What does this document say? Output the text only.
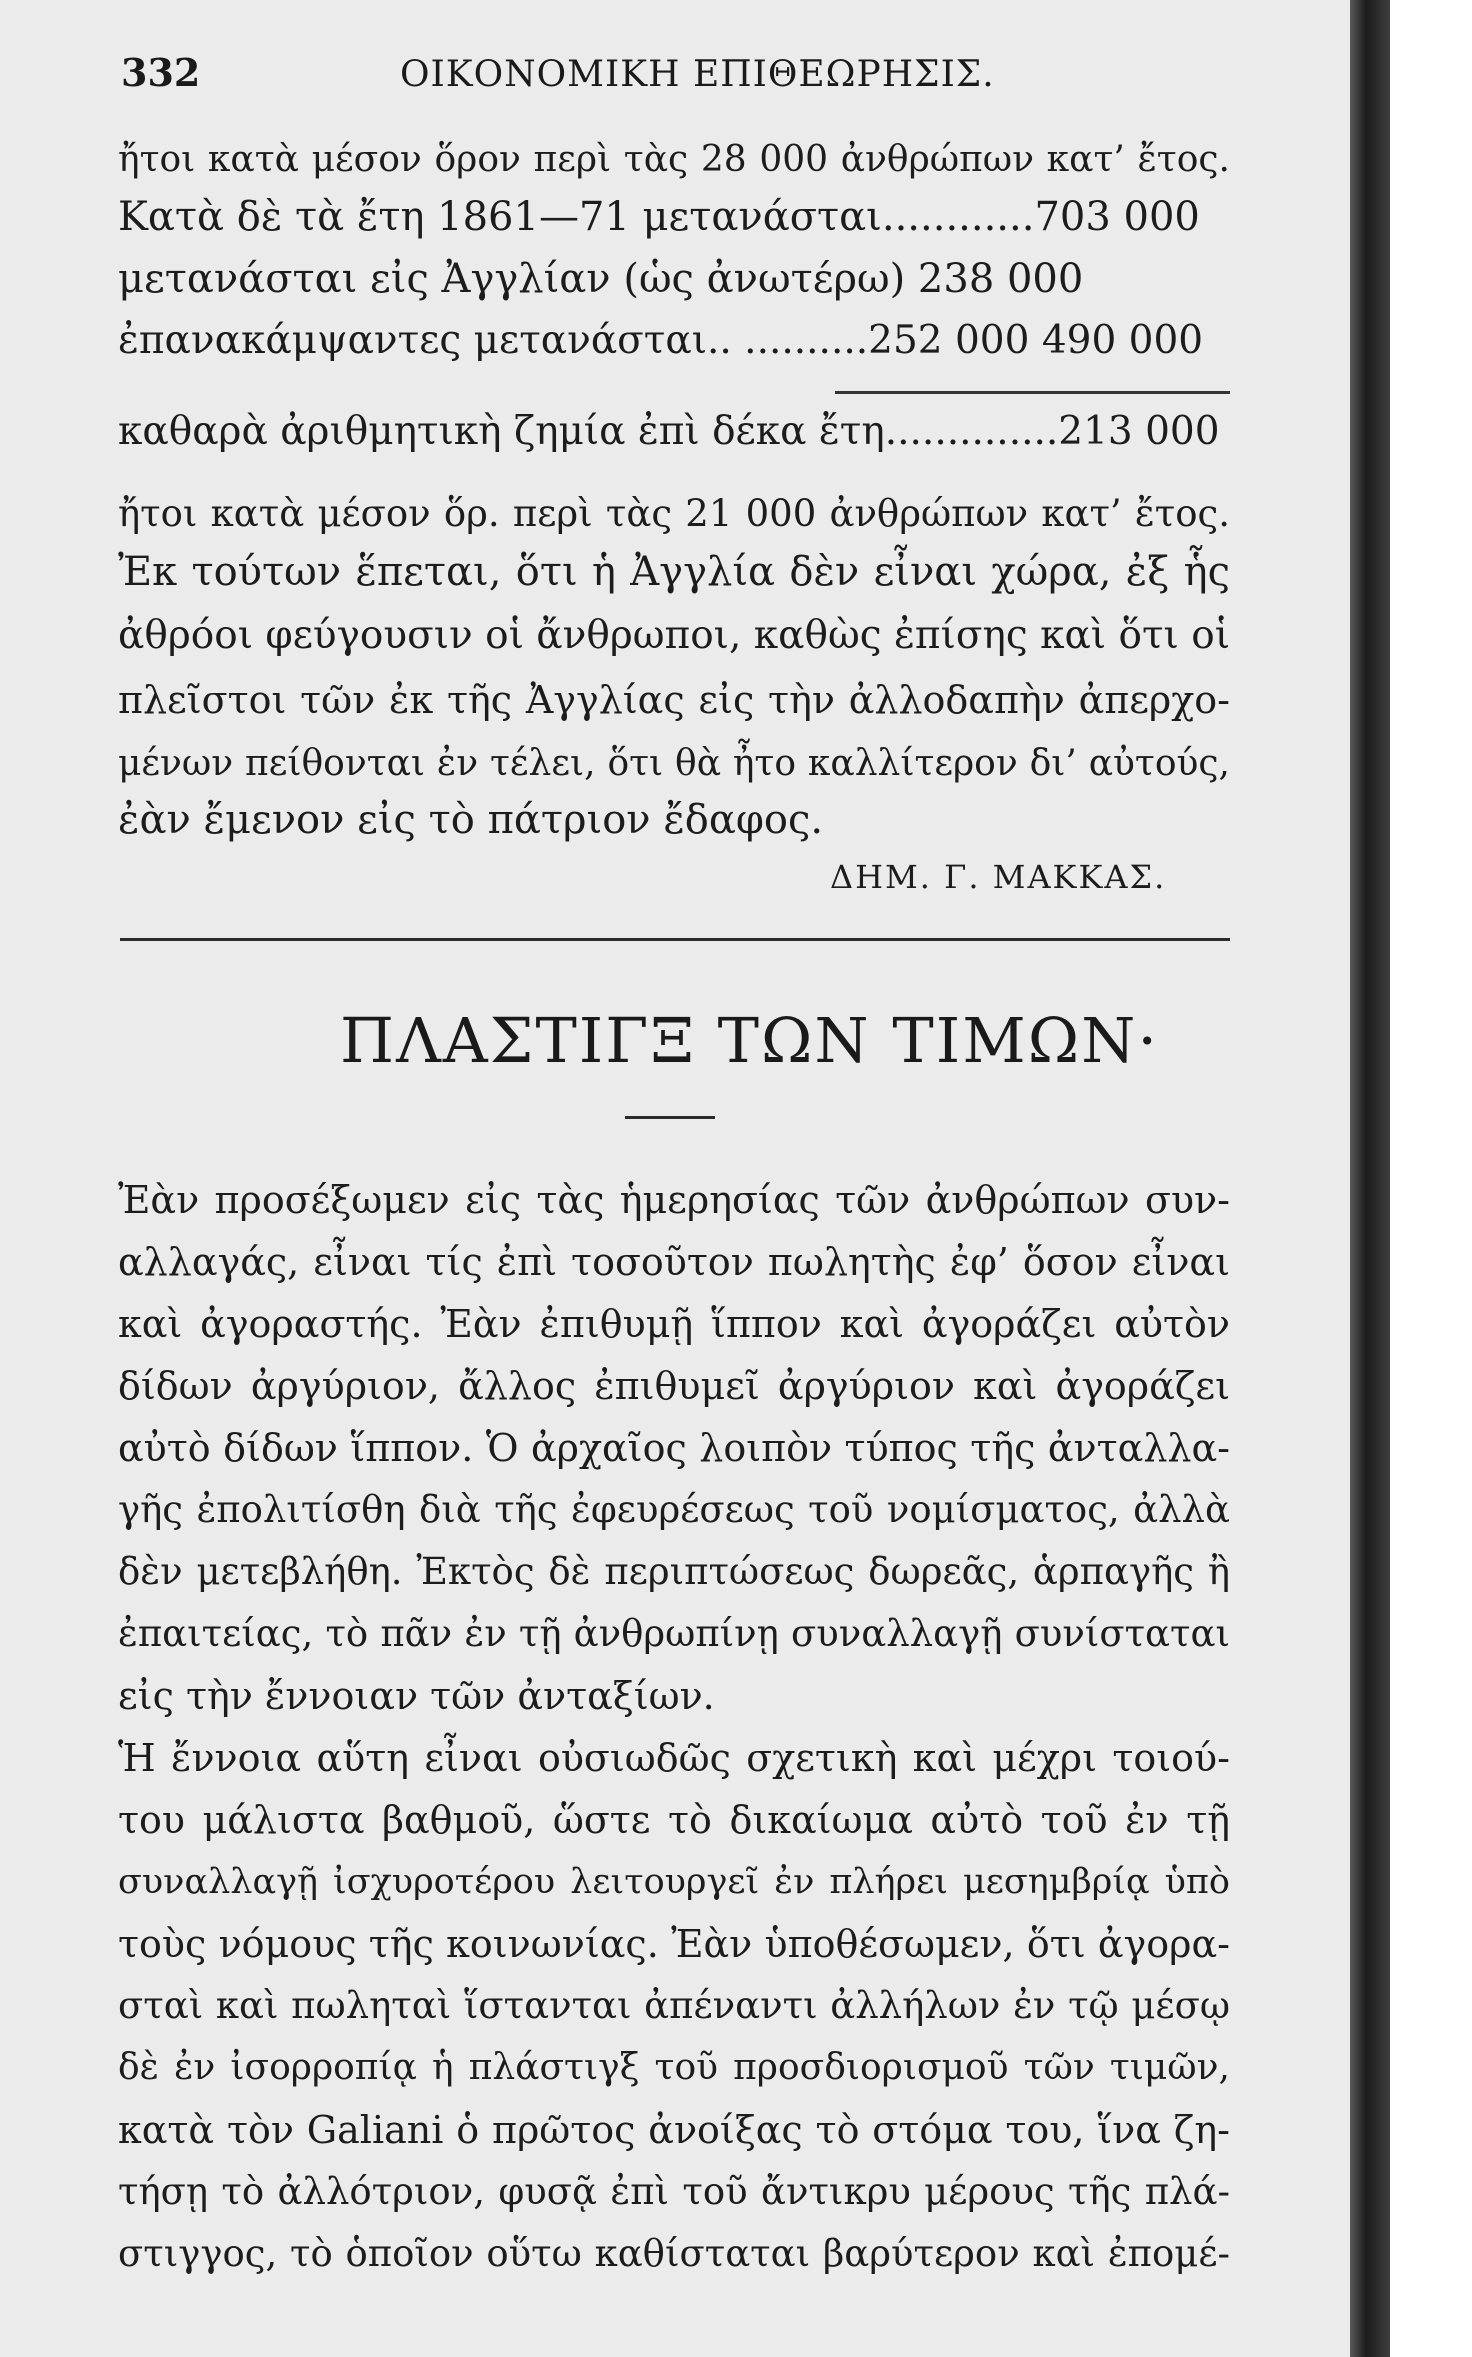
332	ΟΙΚΟΝΟΜΙΚΗ ΕΠΙΘΕΩΡΗΣΙΣ.
ἤτοι κατὰ μέσον ὅρον περὶ τὰς 28 000 ἀνθρώπων κατ’ ἔτος.
Κατὰ δὲ τὰ ἔτη 1861—71 μετανάσται............703 000
μετανάσται εἰς Ἀγγλίαν (ὡς ἀνωτέρω) 238 000
ἐπανακάμψαντες μετανάσται.. ..........252 000 490 000
καθαρὰ ἀριθμητικὴ ζημία ἐπὶ δέκα ἔτη..............213 000
ἤτοι κατὰ μέσον ὅρ. περὶ τὰς 21 000 ἀνθρώπων κατ’ ἔτος.
Ἐκ τούτων ἕπεται, ὅτι ἡ Ἀγγλία δὲν εἶναι χώρα, ἐξ ἧς
ἀθρόοι φεύγουσιν οἱ ἄνθρωποι, καθὼς ἐπίσης καὶ ὅτι οἱ
πλεῖστοι τῶν ἐκ τῆς Ἀγγλίας εἰς τὴν ἀλλοδαπὴν ἀπερχο-
μένων πείθονται ἐν τέλει, ὅτι θὰ ἦτο καλλίτερον δι’ αὐτούς,
ἐὰν ἔμενον εἰς τὸ πάτριον ἔδαφος.
ΔΗΜ. Γ. ΜΑΚΚΑΣ.
ΠΛΑΣΤΙΓΞ ΤΩΝ ΤΙΜΩΝ·
Ἐὰν προσέξωμεν εἰς τὰς ἡμερησίας τῶν ἀνθρώπων συν-
αλλαγάς, εἶναι τίς ἐπὶ τοσοῦτον πωλητὴς ἐφ’ ὅσον εἶναι
καὶ ἀγοραστής. Ἐὰν ἐπιθυμῇ ἵππον καὶ ἀγοράζει αὐτὸν
δίδων ἀργύριον, ἄλλος ἐπιθυμεῖ ἀργύριον καὶ ἀγοράζει
αὐτὸ δίδων ἵππον. Ὁ ἀρχαῖος λοιπὸν τύπος τῆς ἀνταλλα-
γῆς ἐπολιτίσθη διὰ τῆς ἐφευρέσεως τοῦ νομίσματος, ἀλλὰ
δὲν μετεβλήθη. Ἐκτὸς δὲ περιπτώσεως δωρεᾶς, ἁρπαγῆς ἢ
ἐπαιτείας, τὸ πᾶν ἐν τῇ ἀνθρωπίνῃ συναλλαγῇ συνίσταται
εἰς τὴν ἔννοιαν τῶν ἀνταξίων.
Ἡ ἔννοια αὕτη εἶναι οὐσιωδῶς σχετικὴ καὶ μέχρι τοιού-
του μάλιστα βαθμοῦ, ὥστε τὸ δικαίωμα αὐτὸ τοῦ ἐν τῇ
συναλλαγῇ ἰσχυροτέρου λειτουργεῖ ἐν πλήρει μεσημβρίᾳ ὑπὸ
τοὺς νόμους τῆς κοινωνίας. Ἐὰν ὑποθέσωμεν, ὅτι ἀγορα-
σταὶ καὶ πωληταὶ ἵστανται ἀπέναντι ἀλλήλων ἐν τῷ μέσῳ
δὲ ἐν ἰσορροπίᾳ ἡ πλάστιγξ τοῦ προσδιορισμοῦ τῶν τιμῶν,
κατὰ τὸν Galiani ὁ πρῶτος ἀνοίξας τὸ στόμα του, ἵνα ζη-
τήσῃ τὸ ἀλλότριον, φυσᾷ ἐπὶ τοῦ ἄντικρυ μέρους τῆς πλά-
στιγγος, τὸ ὁποῖον οὕτω καθίσταται βαρύτερον καὶ ἐπομέ-
